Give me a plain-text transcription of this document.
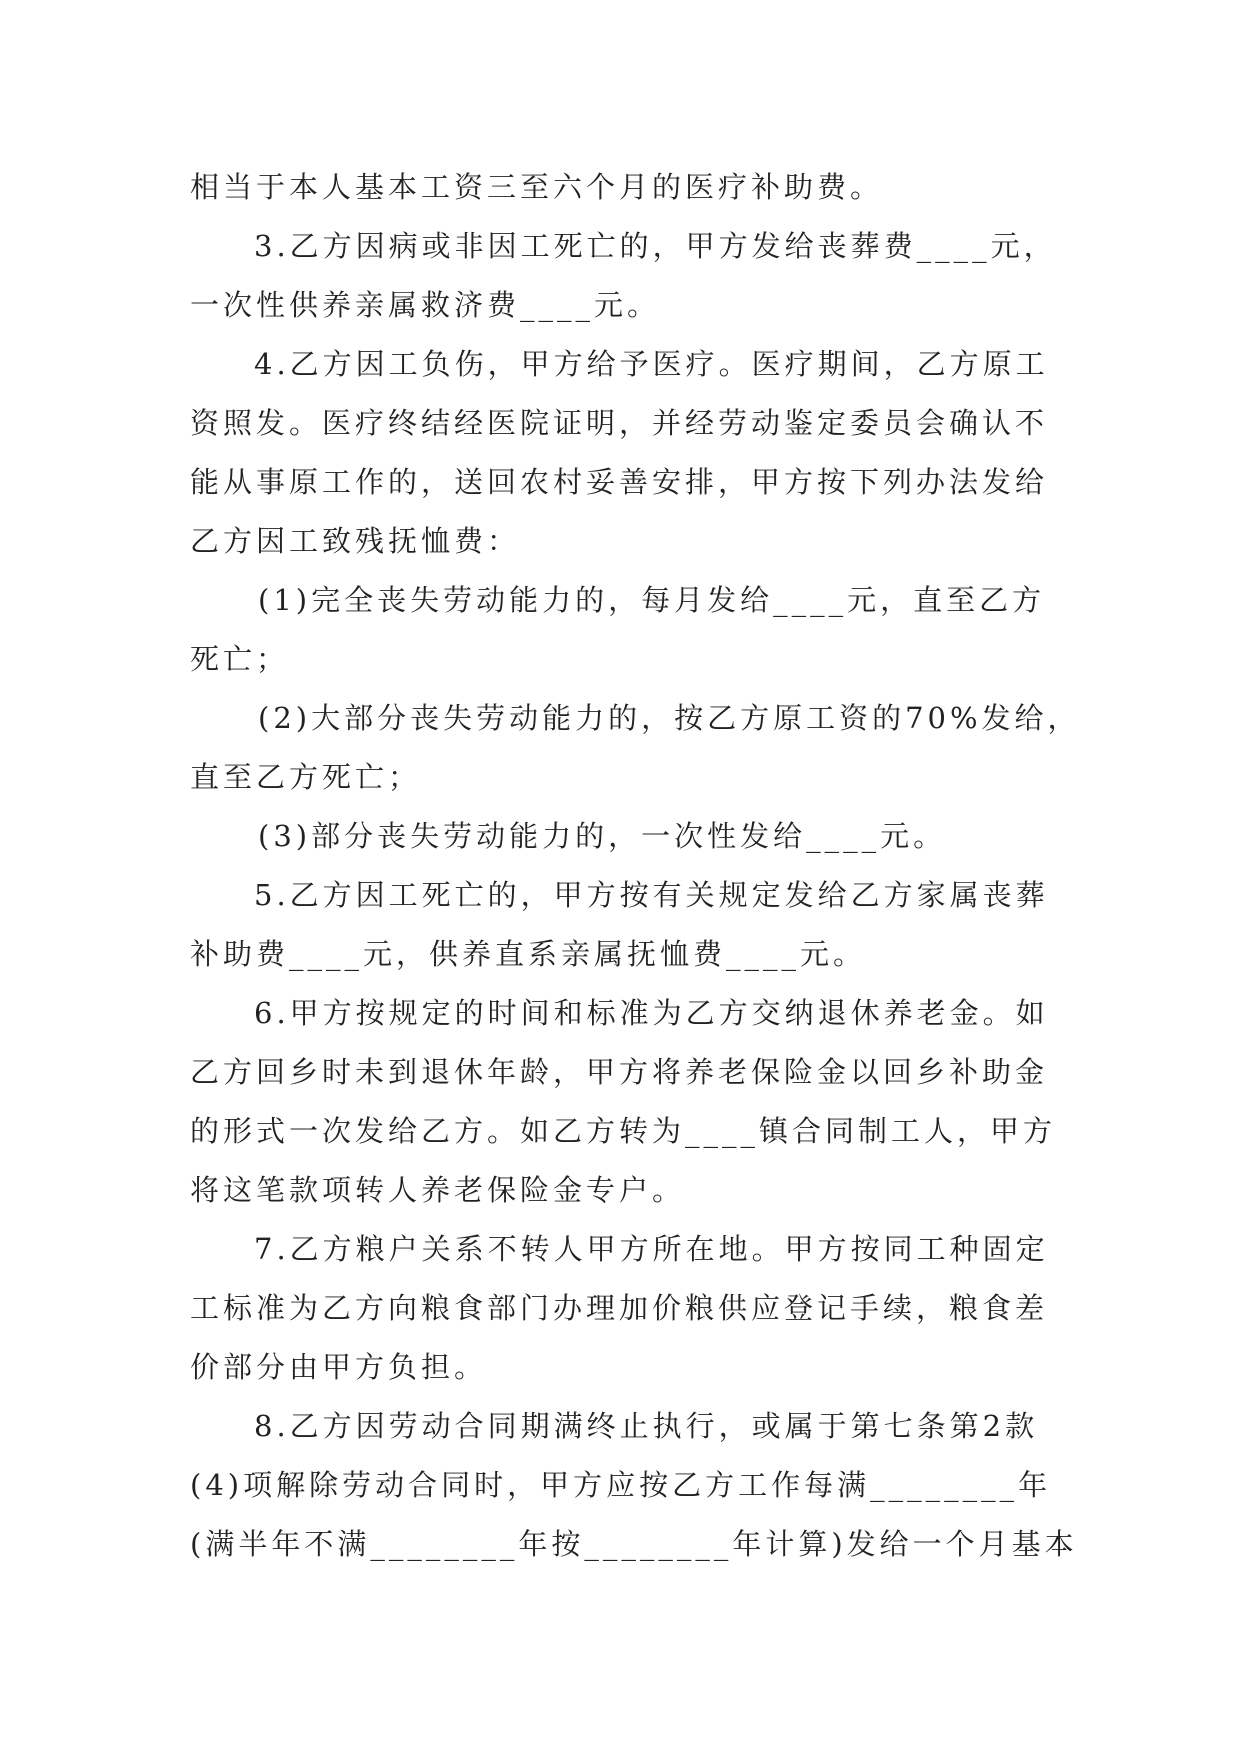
相当于本人基本工资三至六个月的医疗补助费。
3.乙方因病或非因工死亡的，甲方发给丧葬费____元，
一次性供养亲属救济费____元。
4.乙方因工负伤，甲方给予医疗。医疗期间，乙方原工
资照发。医疗终结经医院证明，并经劳动鉴定委员会确认不
能从事原工作的，送回农村妥善安排，甲方按下列办法发给
乙方因工致残抚恤费：
(1)完全丧失劳动能力的，每月发给____元，直至乙方
死亡；
(2)大部分丧失劳动能力的，按乙方原工资的70%发给，
直至乙方死亡；
(3)部分丧失劳动能力的，一次性发给____元。
5.乙方因工死亡的，甲方按有关规定发给乙方家属丧葬
补助费____元，供养直系亲属抚恤费____元。
6.甲方按规定的时间和标准为乙方交纳退休养老金。如
乙方回乡时未到退休年龄，甲方将养老保险金以回乡补助金
的形式一次发给乙方。如乙方转为____镇合同制工人，甲方
将这笔款项转人养老保险金专户。
7.乙方粮户关系不转人甲方所在地。甲方按同工种固定
工标准为乙方向粮食部门办理加价粮供应登记手续，粮食差
价部分由甲方负担。
8.乙方因劳动合同期满终止执行，或属于第七条第2款
(4)项解除劳动合同时，甲方应按乙方工作每满________年
(满半年不满________年按________年计算)发给一个月基本
